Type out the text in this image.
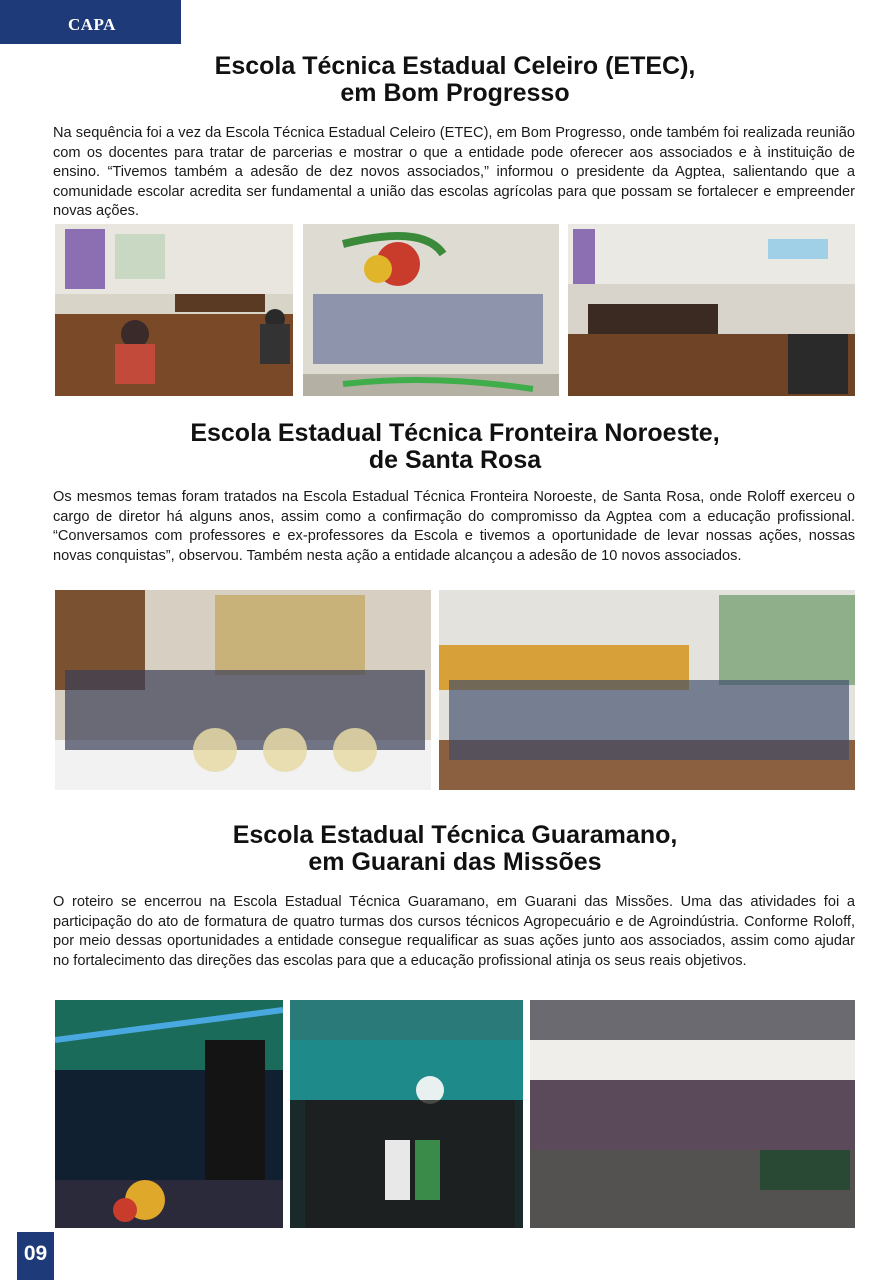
CAPA
Escola Técnica Estadual Celeiro (ETEC),
em Bom Progresso

Na sequência foi a vez da Escola Técnica Estadual Celeiro (ETEC), em Bom Progresso, onde também foi realizada reunião com os docentes para tratar de parcerias e mostrar o que a entidade pode oferecer aos associados e à instituição de ensino. “Tivemos também a adesão de dez novos associados,” informou o presidente da Agptea, salientando que a comunidade escolar acredita ser fundamental a união das escolas agrícolas para que possam se fortalecer e empreender novas ações.

Escola Estadual Técnica Fronteira Noroeste,
de Santa Rosa

Os mesmos temas foram tratados na Escola Estadual Técnica Fronteira Noroeste, de Santa Rosa, onde Roloff exerceu o cargo de diretor há alguns anos, assim como a confirmação do compromisso da Agptea com a educação profissional. “Conversamos com professores e ex-professores da Escola e tivemos a oportunidade de levar nossas ações, nossas novas conquistas”, observou. Também nesta ação a entidade alcançou a adesão de 10 novos associados.

Escola Estadual Técnica Guaramano,
em Guarani das Missões

O roteiro se encerrou na Escola Estadual Técnica Guaramano, em Guarani das Missões. Uma das atividades foi a participação do ato de formatura de quatro turmas dos cursos técnicos Agropecuário e de Agroindústria. Conforme Roloff, por meio dessas oportunidades a entidade consegue requalificar as suas ações junto aos associados, assim como ajudar no fortalecimento das direções das escolas para que a educação profissional atinja os seus reais objetivos.

09
